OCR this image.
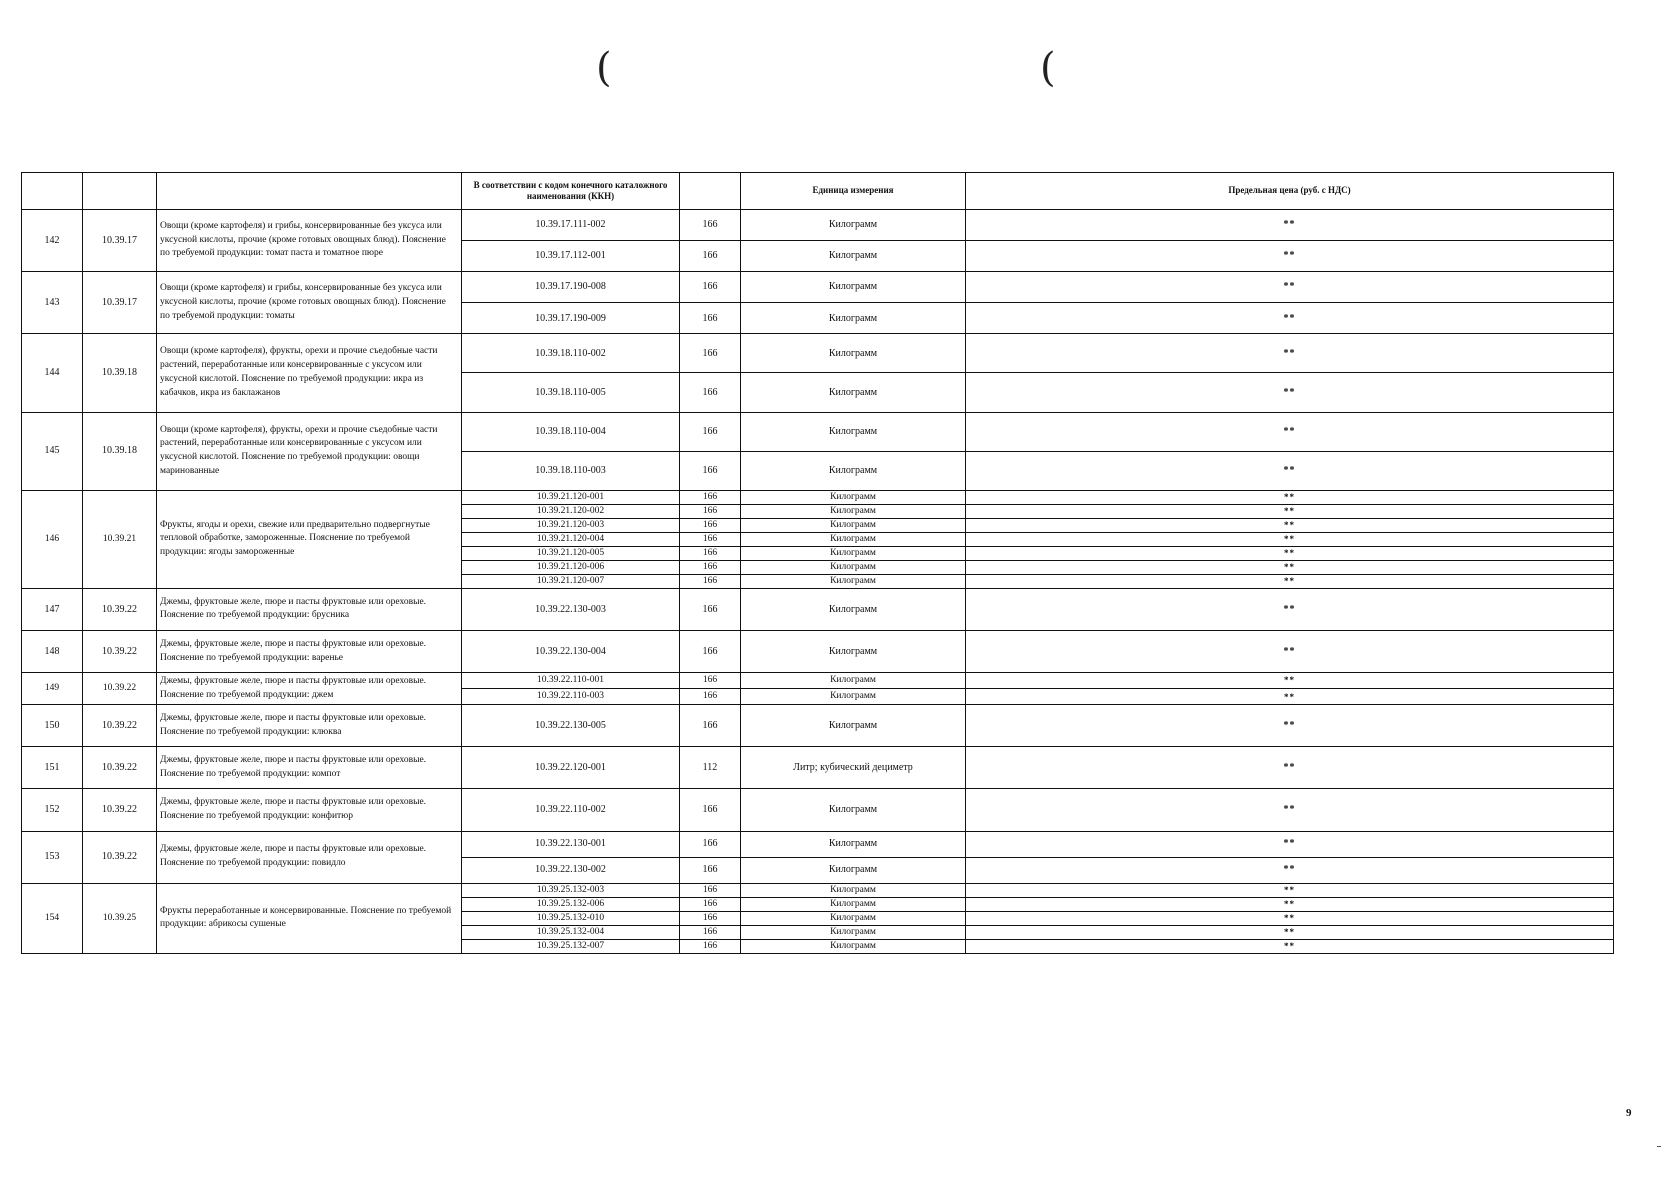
(	(
			В соответствии с кодом конечного каталожного наименования (ККН)		Единица измерения	Предельная цена (руб. с НДС)
142	10.39.17	Овощи (кроме картофеля) и грибы, консервированные без уксуса или уксусной кислоты, прочие (кроме готовых овощных блюд). Пояснение по требуемой продукции: томат паста и томатное пюре	10.39.17.111-002	166	Килограмм	**
			10.39.17.112-001	166	Килограмм	**
143	10.39.17	Овощи (кроме картофеля) и грибы, консервированные без уксуса или уксусной кислоты, прочие (кроме готовых овощных блюд). Пояснение по требуемой продукции: томаты	10.39.17.190-008	166	Килограмм	**
			10.39.17.190-009	166	Килограмм	**
144	10.39.18	Овощи (кроме картофеля), фрукты, орехи и прочие съедобные части растений, переработанные или консервированные с уксусом или уксусной кислотой. Пояснение по требуемой продукции: икра из кабачков, икра из баклажанов	10.39.18.110-002	166	Килограмм	**
			10.39.18.110-005	166	Килограмм	**
145	10.39.18	Овощи (кроме картофеля), фрукты, орехи и прочие съедобные части растений, переработанные или консервированные с уксусом или уксусной кислотой. Пояснение по требуемой продукции: овощи маринованные	10.39.18.110-004	166	Килограмм	**
			10.39.18.110-003	166	Килограмм	**
146	10.39.21	Фрукты, ягоды и орехи, свежие или предварительно подвергнутые тепловой обработке, замороженные. Пояснение по требуемой продукции: ягоды замороженные	10.39.21.120-001	166	Килограмм	**
			10.39.21.120-002	166	Килограмм	**
			10.39.21.120-003	166	Килограмм	**
			10.39.21.120-004	166	Килограмм	**
			10.39.21.120-005	166	Килограмм	**
			10.39.21.120-006	166	Килограмм	**
			10.39.21.120-007	166	Килограмм	**
147	10.39.22	Джемы, фруктовые желе, пюре и пасты фруктовые или ореховые. Пояснение по требуемой продукции: брусника	10.39.22.130-003	166	Килограмм	**
148	10.39.22	Джемы, фруктовые желе, пюре и пасты фруктовые или ореховые. Пояснение по требуемой продукции: варенье	10.39.22.130-004	166	Килограмм	**
149	10.39.22	Джемы, фруктовые желе, пюре и пасты фруктовые или ореховые. Пояснение по требуемой продукции: джем	10.39.22.110-001	166	Килограмм	**
			10.39.22.110-003	166	Килограмм	**
150	10.39.22	Джемы, фруктовые желе, пюре и пасты фруктовые или ореховые. Пояснение по требуемой продукции: клюква	10.39.22.130-005	166	Килограмм	**
151	10.39.22	Джемы, фруктовые желе, пюре и пасты фруктовые или ореховые. Пояснение по требуемой продукции: компот	10.39.22.120-001	112	Литр; кубический дециметр	**
152	10.39.22	Джемы, фруктовые желе, пюре и пасты фруктовые или ореховые. Пояснение по требуемой продукции: конфитюр	10.39.22.110-002	166	Килограмм	**
153	10.39.22	Джемы, фруктовые желе, пюре и пасты фруктовые или ореховые. Пояснение по требуемой продукции: повидло	10.39.22.130-001	166	Килограмм	**
			10.39.22.130-002	166	Килограмм	**
154	10.39.25	Фрукты переработанные и консервированные. Пояснение по требуемой продукции: абрикосы сушеные	10.39.25.132-003	166	Килограмм	**
			10.39.25.132-006	166	Килограмм	**
			10.39.25.132-010	166	Килограмм	**
			10.39.25.132-004	166	Килограмм	**
			10.39.25.132-007	166	Килограмм	**
9
